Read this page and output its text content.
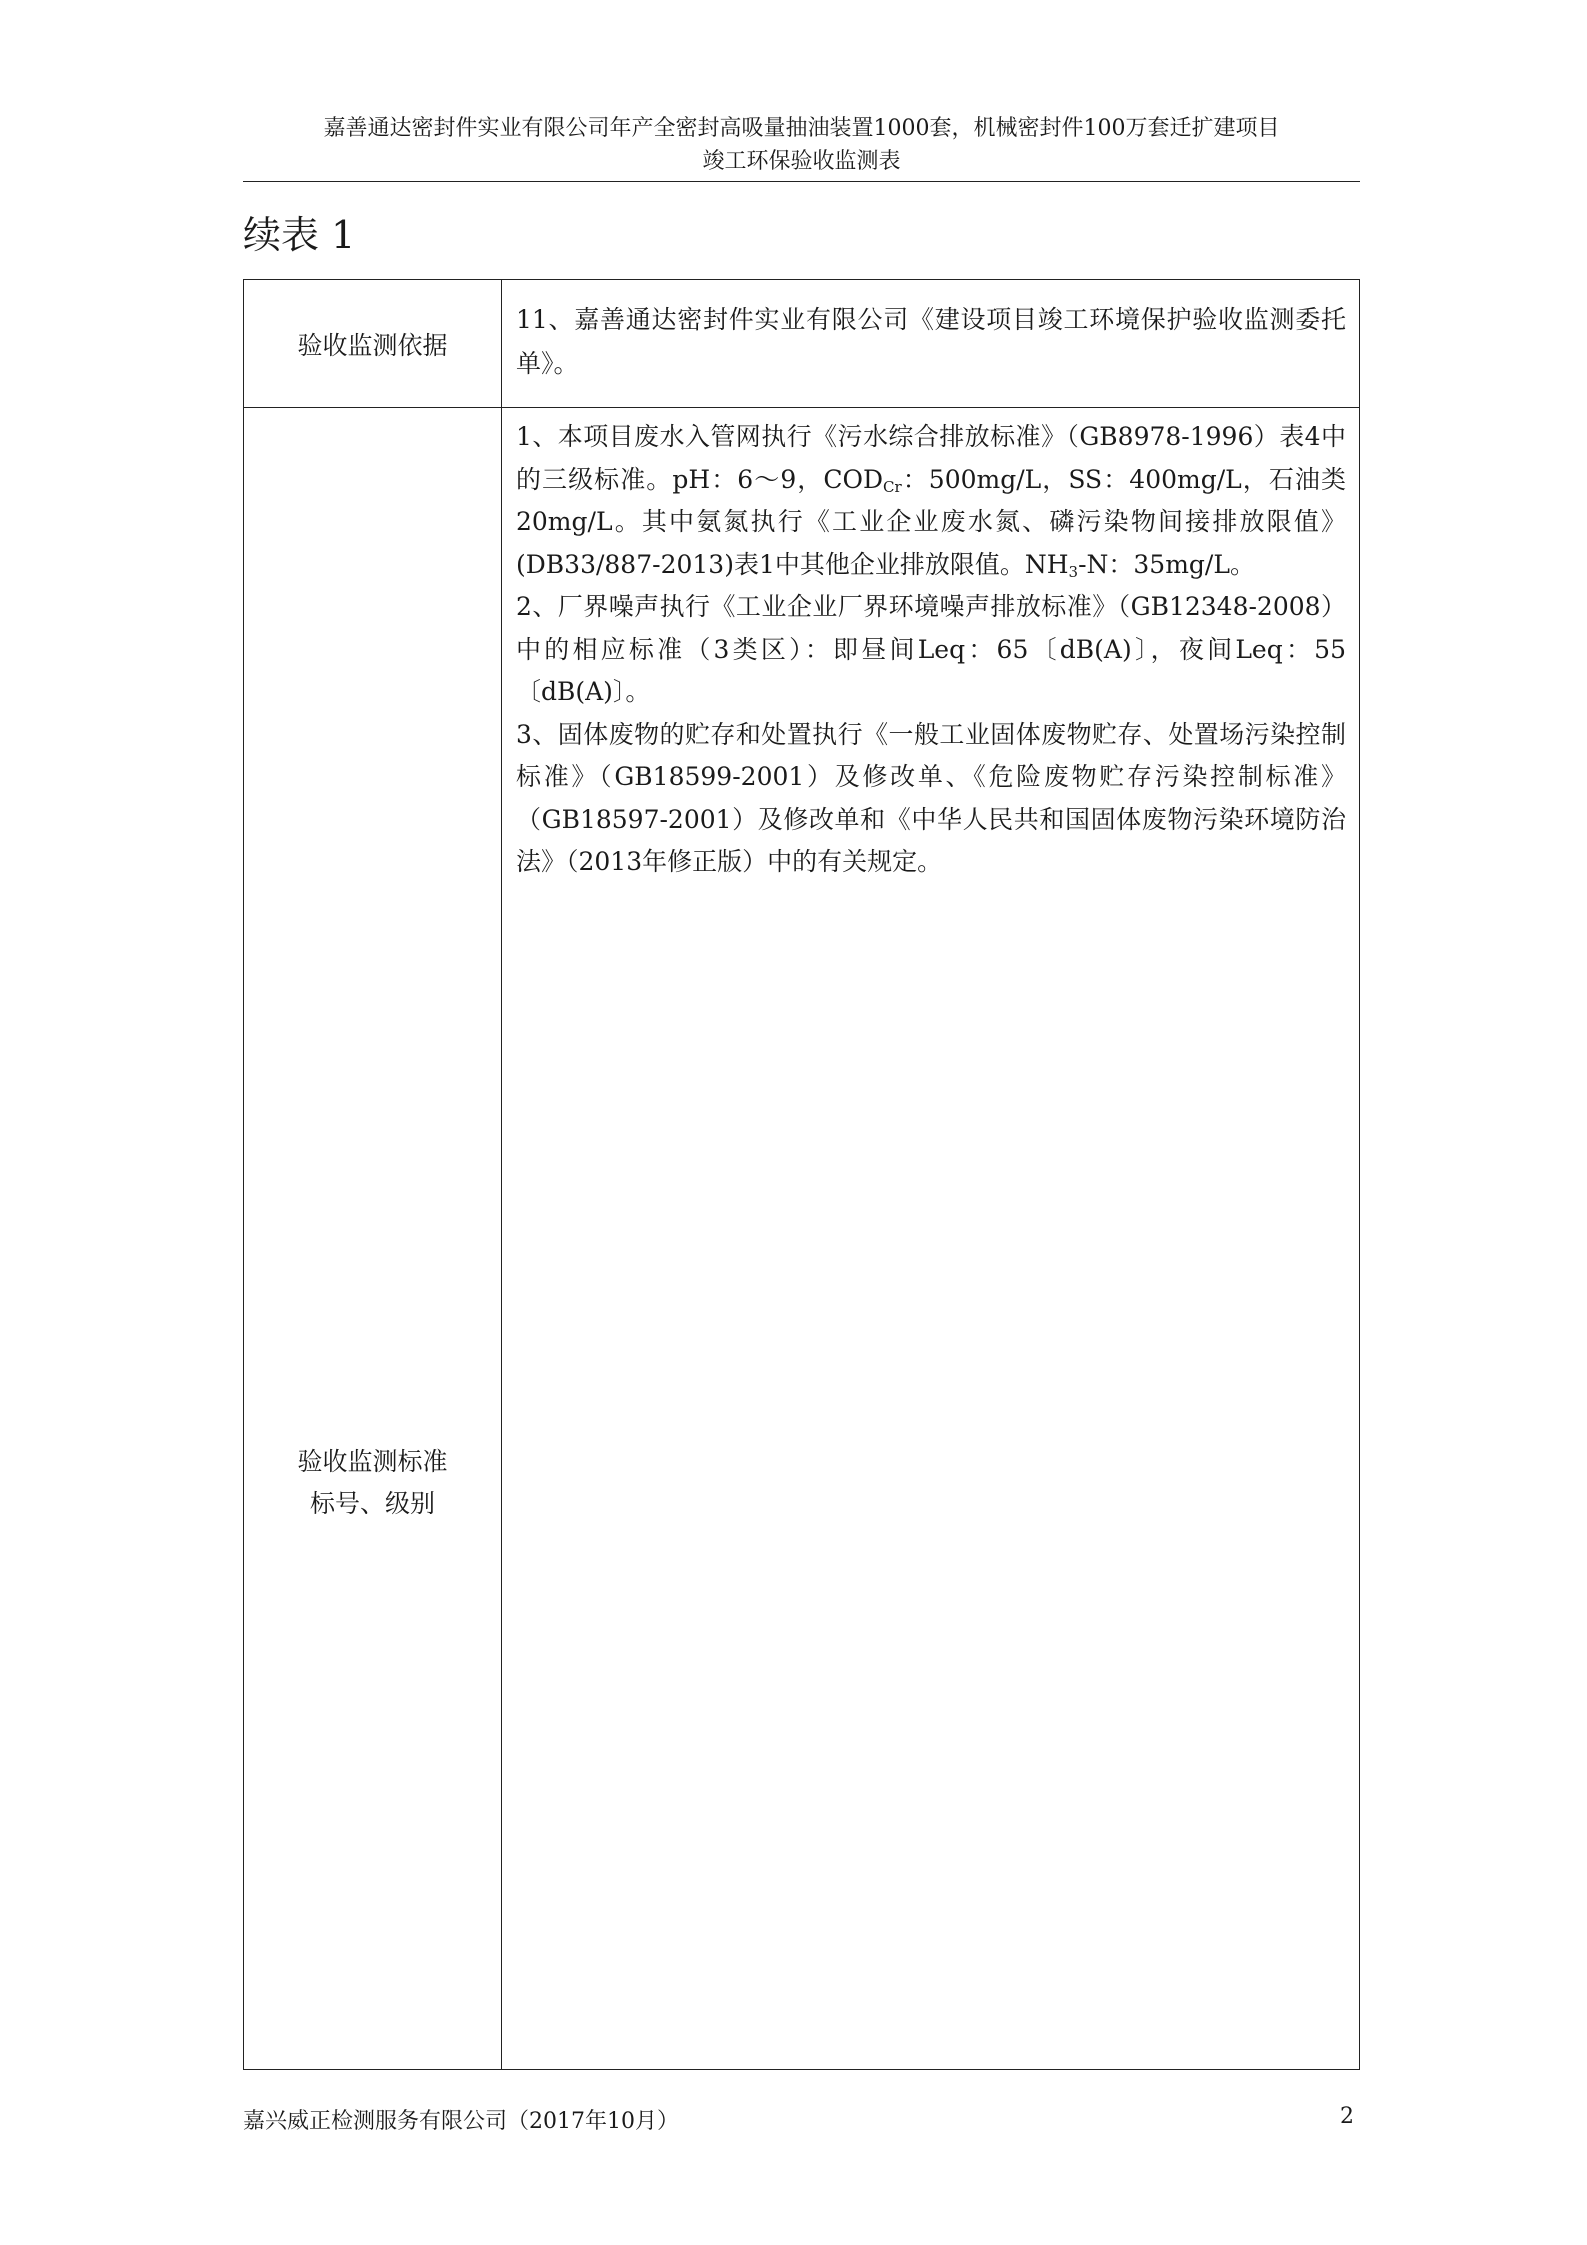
嘉善通达密封件实业有限公司年产全密封高吸量抽油装置1000套，机械密封件100万套迁扩建项目
竣工环保验收监测表
续表 1
验收监测依据
11、嘉善通达密封件实业有限公司《建设项目竣工环境保护验收监测委托单》。
验收监测标准
标号、级别

1、本项目废水入管网执行《污水综合排放标准》（GB8978-1996）表4中的三级标准。pH：6～9，$COD_{Cr}$：500mg/L，SS：400mg/L，石油类20mg/L。其中氨氮执行《工业企业废水氮、磷污染物间接排放限值》(DB33/887-2013)表1中其他企业排放限值。$NH_3-N$：35mg/L。

2、厂界噪声执行《工业企业厂界环境噪声排放标准》（GB12348-2008）中的相应标准（3类区）：即昼间Leq：65〔dB(A)〕，夜间Leq：55〔dB(A)〕。

3、固体废物的贮存和处置执行《一般工业固体废物贮存、处置场污染控制标准》（GB18599-2001）及修改单、《危险废物贮存污染控制标准》（GB18597-2001）及修改单和《中华人民共和国固体废物污染环境防治法》（2013年修正版）中的有关规定。

嘉兴威正检测服务有限公司（2017年10月）	2
